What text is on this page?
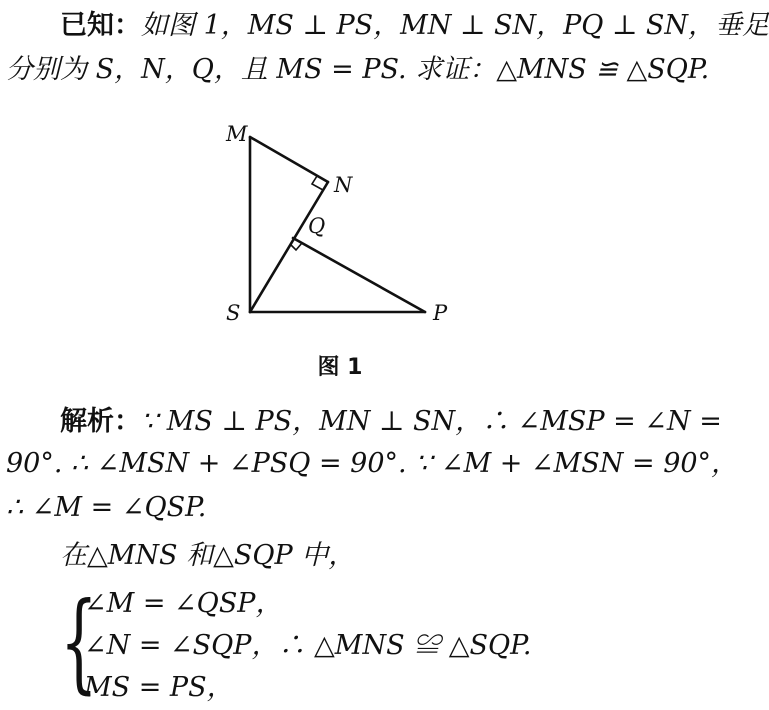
已知：如图 1，MS ⊥ PS，MN ⊥ SN，PQ ⊥ SN，垂足
分别为 S，N，Q，且 MS = PS. 求证：△MNS ≌ △SQP.
M
N
Q
S	P
图 1
解析：∵ MS ⊥ PS，MN ⊥ SN，∴ ∠MSP = ∠N =
90°. ∴ ∠MSN + ∠PSQ = 90°. ∵ ∠M + ∠MSN = 90°，
∴ ∠M = ∠QSP.
在△MNS 和△SQP 中，
{
∠M = ∠QSP，
∠N = ∠SQP，∴ △MNS ≌ △SQP.
MS = PS，
